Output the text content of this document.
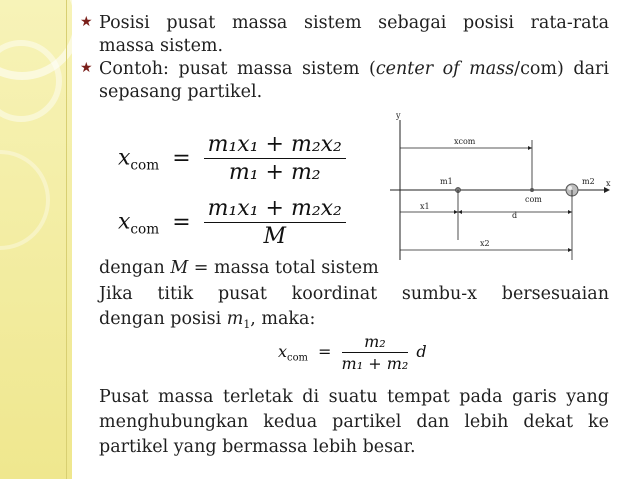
★ Posisi pusat massa sistem sebagai posisi rata-rata
massa sistem.
★ Contoh: pusat massa sistem (center of mass/com) dari
sepasang partikel.
$x_{com} = \frac{\text{m₁x₁ + m₂x₂}}{\text{m₁ + m₂}}$
$x_{com} = \frac{\text{m₁x₁ + m₂x₂}}{M}$
y
x
xcom
m1
com
m2
x1
d
x2
dengan M = massa total sistem
Jika titik pusat koordinat sumbu-x bersesuaian
dengan posisi $m_1$, maka:
$x_{com} = \frac{\text{m₂}}{\text{m₁ + m₂}}$ d
Pusat massa terletak di suatu tempat pada garis yang
menghubungkan kedua partikel dan lebih dekat ke
partikel yang bermassa lebih besar.
